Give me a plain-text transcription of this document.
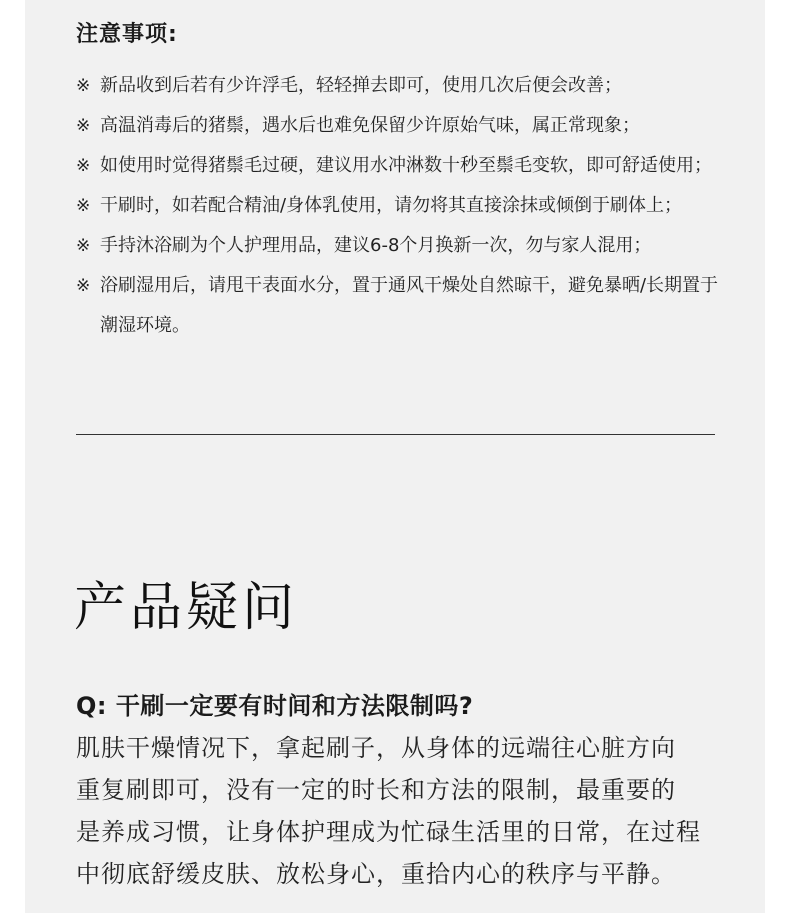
注意事项:
※ 新品收到后若有少许浮毛，轻轻掸去即可，使用几次后便会改善；
※ 高温消毒后的猪鬃，遇水后也难免保留少许原始气味，属正常现象；
※ 如使用时觉得猪鬃毛过硬，建议用水冲淋数十秒至鬃毛变软，即可舒适使用；
※ 干刷时，如若配合精油/身体乳使用，请勿将其直接涂抹或倾倒于刷体上；
※ 手持沐浴刷为个人护理用品，建议6-8个月换新一次，勿与家人混用；
※ 浴刷湿用后，请甩干表面水分，置于通风干燥处自然晾干，避免暴晒/长期置于潮湿环境。
产品疑问
Q: 干刷一定要有时间和方法限制吗?
肌肤干燥情况下，拿起刷子，从身体的远端往心脏方向
重复刷即可，没有一定的时长和方法的限制，最重要的
是养成习惯，让身体护理成为忙碌生活里的日常，在过程
中彻底舒缓皮肤、放松身心，重拾内心的秩序与平静。
